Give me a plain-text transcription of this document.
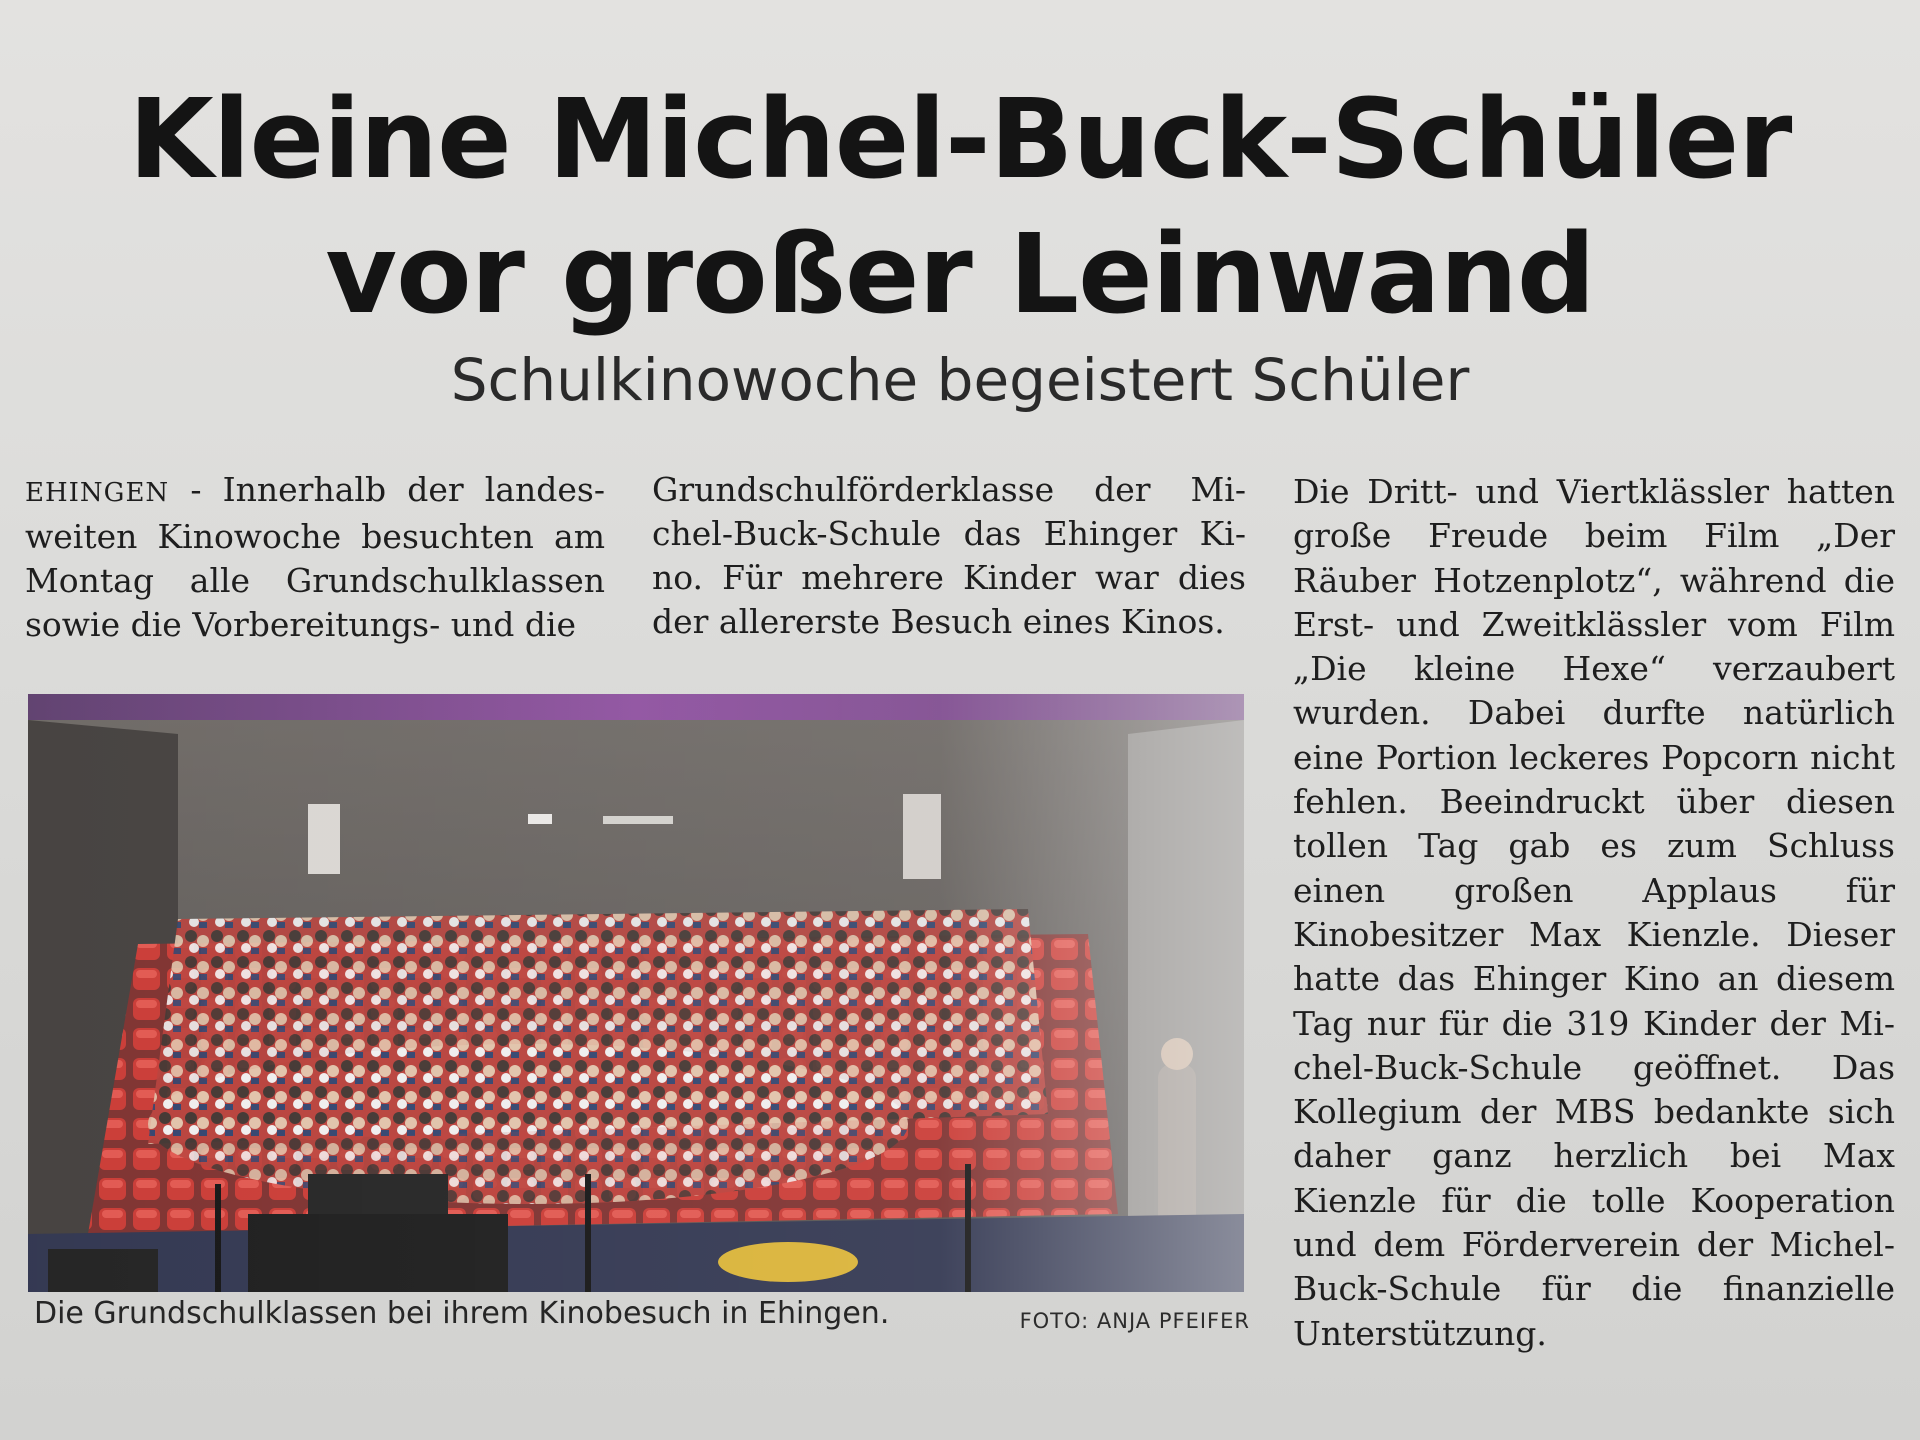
Kleine Michel-Buck-Schüler
vor großer Leinwand
Schulkinowoche begeistert Schüler
EHINGEN - Innerhalb der landesweiten Kinowoche besuchten am Montag alle Grundschulklassen sowie die Vorbereitungs- und die
Grundschulförderklasse der Michel-Buck-Schule das Ehinger Kino. Für mehrere Kinder war dies der allererste Besuch eines Kinos.
Die Dritt- und Viertklässler hatten große Freude beim Film „Der Räuber Hotzenplotz“, während die Erst- und Zweitklässler vom Film „Die kleine Hexe“ verzaubert wurden. Dabei durfte natürlich eine Portion leckeres Popcorn nicht fehlen. Beeindruckt über diesen tollen Tag gab es zum Schluss einen großen Applaus für Kinobesitzer Max Kienzle. Dieser hatte das Ehinger Kino an diesem Tag nur für die 319 Kinder der Michel-Buck-Schule geöffnet. Das Kollegium der MBS bedankte sich daher ganz herzlich bei Max Kienzle für die tolle Kooperation und dem Förderverein der Michel-Buck-Schule für die finanzielle Unterstützung.
Die Grundschulklassen bei ihrem Kinobesuch in Ehingen.	FOTO: ANJA PFEIFER
